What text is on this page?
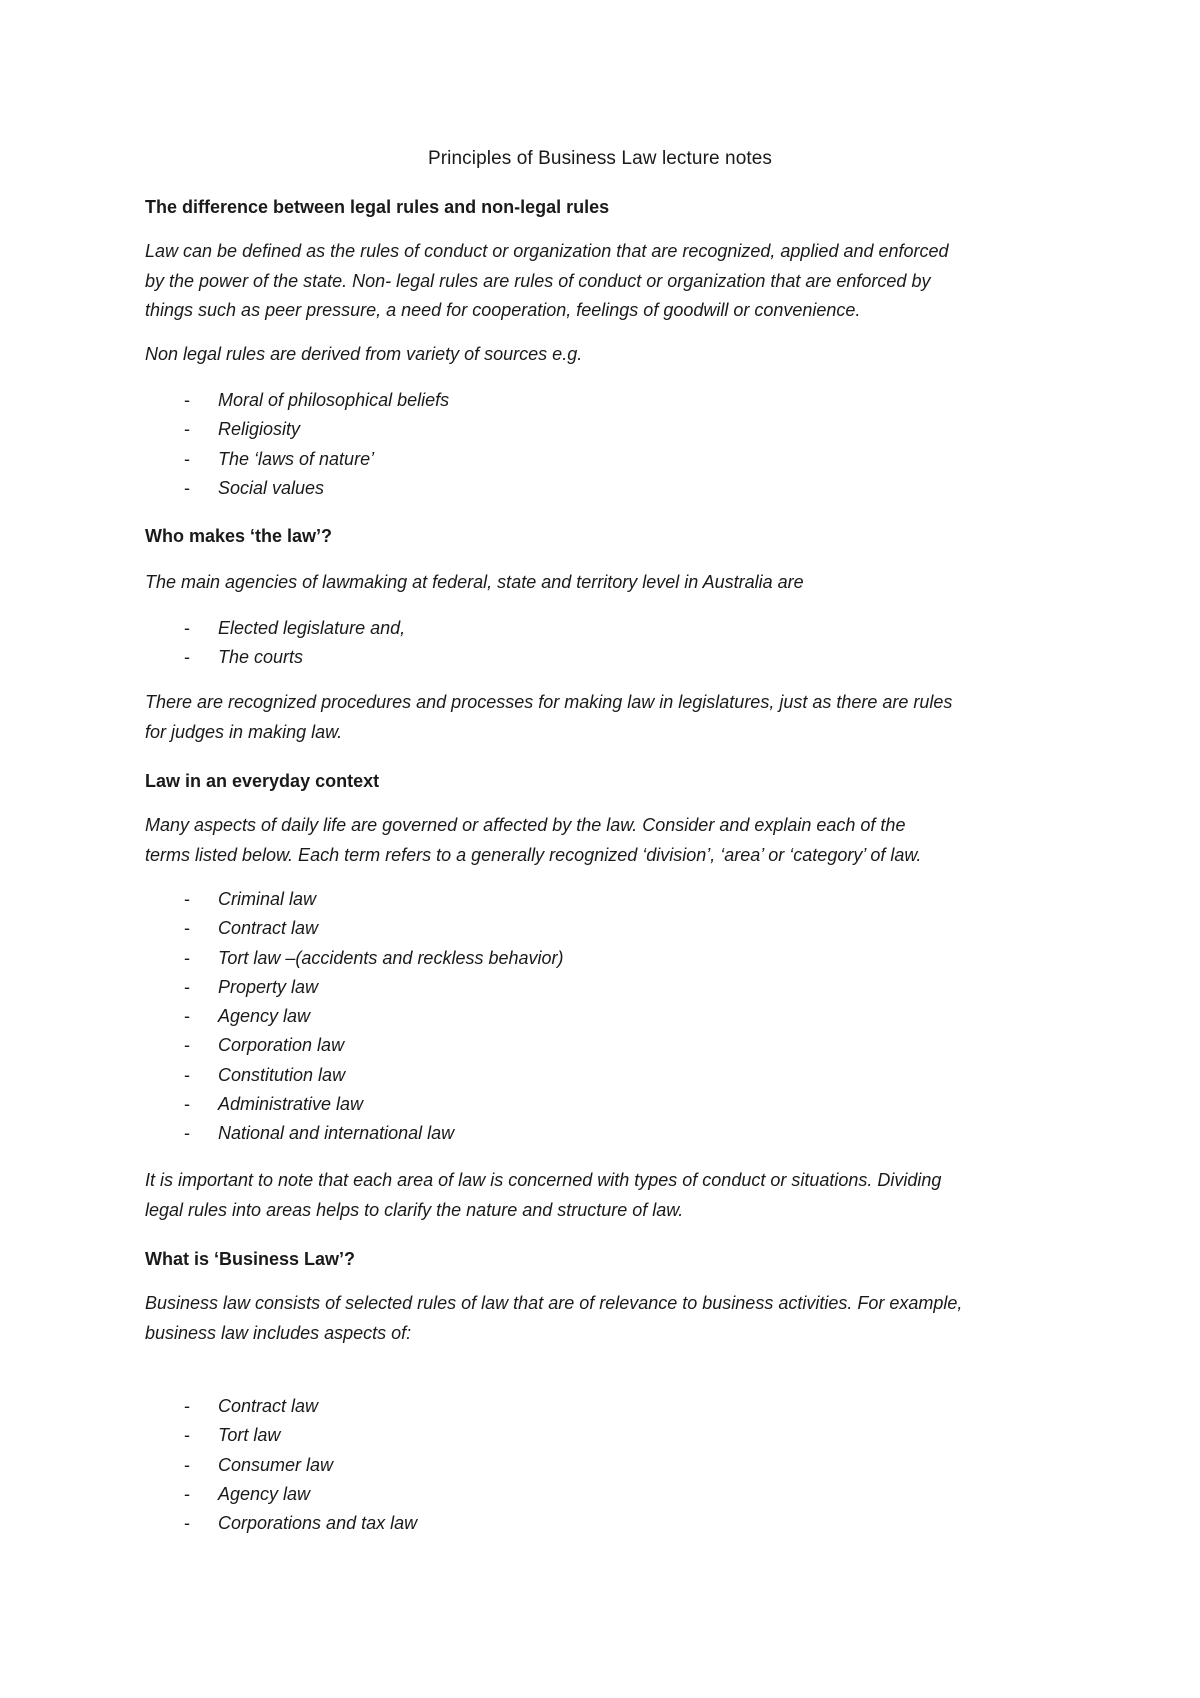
Principles of Business Law lecture notes
The difference between legal rules and non-legal rules
Law can be defined as the rules of conduct or organization that are recognized, applied and enforced
by the power of the state. Non- legal rules are rules of conduct or organization that are enforced by
things such as peer pressure, a need for cooperation, feelings of goodwill or convenience.
Non legal rules are derived from variety of sources e.g.
- Moral of philosophical beliefs
- Religiosity
- The ‘laws of nature’
- Social values
Who makes ‘the law’?
The main agencies of lawmaking at federal, state and territory level in Australia are
- Elected legislature and,
- The courts
There are recognized procedures and processes for making law in legislatures, just as there are rules
for judges in making law.
Law in an everyday context
Many aspects of daily life are governed or affected by the law. Consider and explain each of the
terms listed below. Each term refers to a generally recognized ‘division’, ‘area’ or ‘category’ of law.
- Criminal law
- Contract law
- Tort law –(accidents and reckless behavior)
- Property law
- Agency law
- Corporation law
- Constitution law
- Administrative law
- National and international law
It is important to note that each area of law is concerned with types of conduct or situations. Dividing
legal rules into areas helps to clarify the nature and structure of law.
What is ‘Business Law’?
Business law consists of selected rules of law that are of relevance to business activities. For example,
business law includes aspects of:
- Contract law
- Tort law
- Consumer law
- Agency law
- Corporations and tax law
